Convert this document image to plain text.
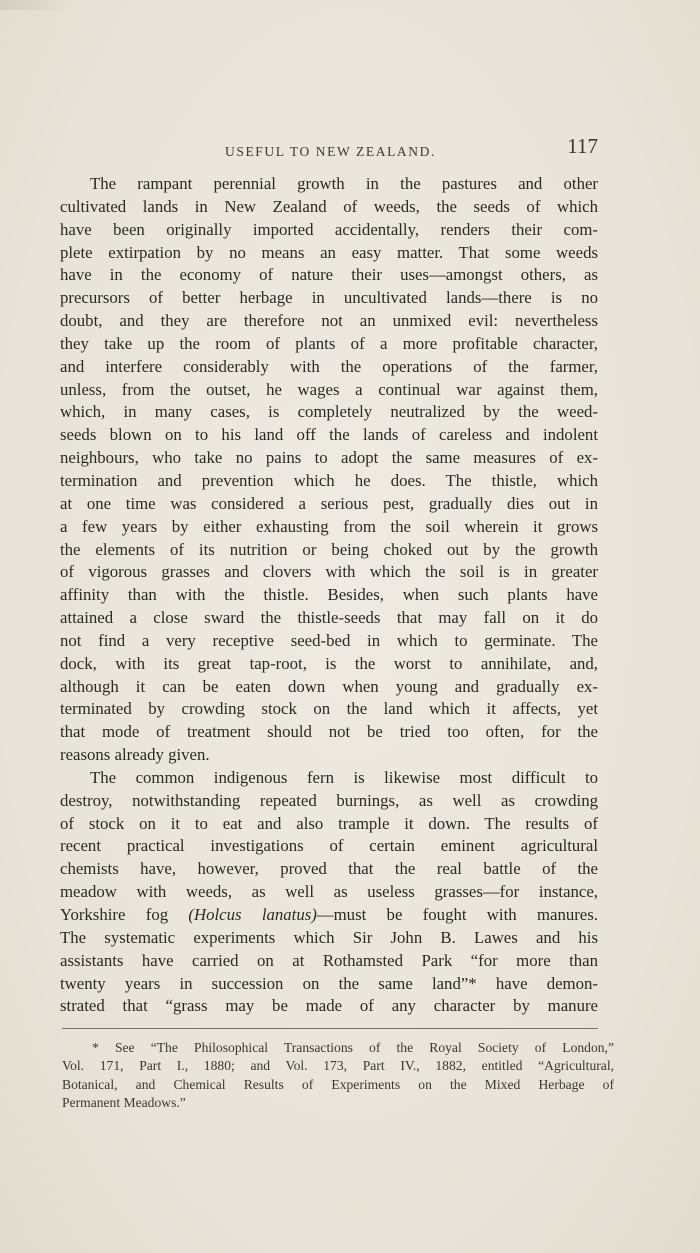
USEFUL TO NEW ZEALAND.	117
The rampant perennial growth in the pastures and other
cultivated lands in New Zealand of weeds, the seeds of which
have been originally imported accidentally, renders their com-
plete extirpation by no means an easy matter. That some weeds
have in the economy of nature their uses—amongst others, as
precursors of better herbage in uncultivated lands—there is no
doubt, and they are therefore not an unmixed evil: nevertheless
they take up the room of plants of a more profitable character,
and interfere considerably with the operations of the farmer,
unless, from the outset, he wages a continual war against them,
which, in many cases, is completely neutralized by the weed-
seeds blown on to his land off the lands of careless and indolent
neighbours, who take no pains to adopt the same measures of ex-
termination and prevention which he does. The thistle, which
at one time was considered a serious pest, gradually dies out in
a few years by either exhausting from the soil wherein it grows
the elements of its nutrition or being choked out by the growth
of vigorous grasses and clovers with which the soil is in greater
affinity than with the thistle. Besides, when such plants have
attained a close sward the thistle-seeds that may fall on it do
not find a very receptive seed-bed in which to germinate. The
dock, with its great tap-root, is the worst to annihilate, and,
although it can be eaten down when young and gradually ex-
terminated by crowding stock on the land which it affects, yet
that mode of treatment should not be tried too often, for the
reasons already given.
The common indigenous fern is likewise most difficult to
destroy, notwithstanding repeated burnings, as well as crowding
of stock on it to eat and also trample it down. The results of
recent practical investigations of certain eminent agricultural
chemists have, however, proved that the real battle of the
meadow with weeds, as well as useless grasses—for instance,
Yorkshire fog (Holcus lanatus)—must be fought with manures.
The systematic experiments which Sir John B. Lawes and his
assistants have carried on at Rothamsted Park “for more than
twenty years in succession on the same land”* have demon-
strated that “grass may be made of any character by manure
* See “The Philosophical Transactions of the Royal Society of London,”
Vol. 171, Part I., 1880; and Vol. 173, Part IV., 1882, entitled “Agricultural,
Botanical, and Chemical Results of Experiments on the Mixed Herbage of
Permanent Meadows.”
